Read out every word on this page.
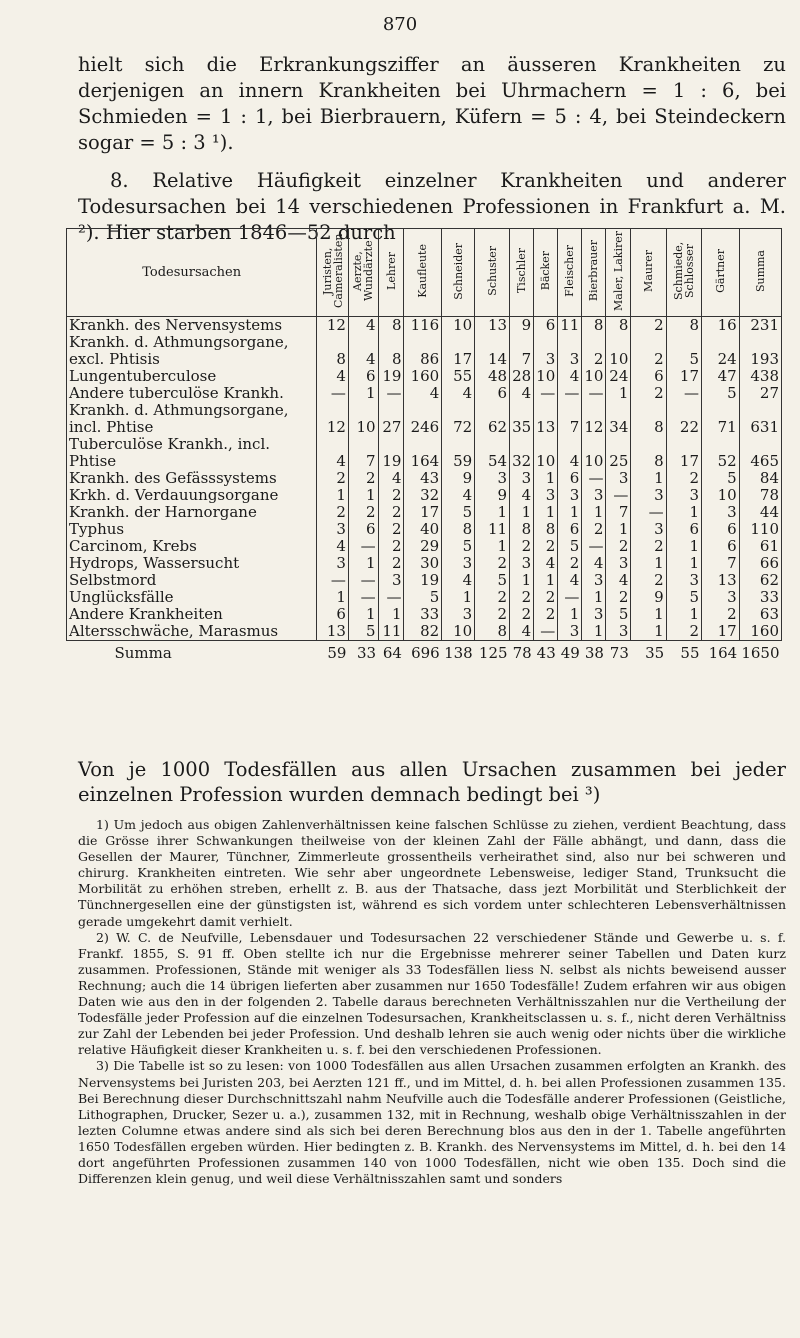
870

hielt sich die Erkrankungsziffer an äusseren Krankheiten zu derjenigen an innern Krankheiten bei Uhrmachern = 1 : 6, bei Schmieden = 1 : 1, bei Bierbrauern, Küfern = 5 : 4, bei Steindeckern sogar = 5 : 3 ¹).

8. Relative Häufigkeit einzelner Krankheiten und anderer Todesursachen bei 14 verschiedenen Professionen in Frankfurt a. M. ²). Hier starben 1846—52 durch

Todesursachen	Juristen, Cameralisten	Aerzte, Wundärzte	Lehrer	Kaufleute	Schneider	Schuster	Tischler	Bäcker	Fleischer	Bierbrauer	Maler, Lakirer	Maurer	Schmiede, Schlosser	Gärtner	Summa
Krankh. des Nervensystems	12	4	8	116	10	13	9	6	11	8	8	2	8	16	231
Krankh. d. Athmungsorgane, excl. Phtisis	8	4	8	86	17	14	7	3	3	2	10	2	5	24	193
Lungentuberculose	4	6	19	160	55	48	28	10	4	10	24	6	17	47	438
Andere tuberculöse Krankh.	—	1	—	4	4	6	4	—	—	—	1	2	—	5	27
Krankh. d. Athmungsorgane, incl. Phtise	12	10	27	246	72	62	35	13	7	12	34	8	22	71	631
Tuberculöse Krankh., incl. Phtise	4	7	19	164	59	54	32	10	4	10	25	8	17	52	465
Krankh. des Gefässsystems	2	2	4	43	9	3	3	1	6	—	3	1	2	5	84
Krkh. d. Verdauungsorgane	1	1	2	32	4	9	4	3	3	3	—	3	3	10	78
Krankh. der Harnorgane	2	2	2	17	5	1	1	1	1	1	7	—	1	3	44
Typhus	3	6	2	40	8	11	8	8	6	2	1	3	6	6	110
Carcinom, Krebs	4	—	2	29	5	1	2	2	5	—	2	2	1	6	61
Hydrops, Wassersucht	3	1	2	30	3	2	3	4	2	4	3	1	1	7	66
Selbstmord	—	—	3	19	4	5	1	1	4	3	4	2	3	13	62
Unglücksfälle	1	—	—	5	1	2	2	2	—	1	2	9	5	3	33
Andere Krankheiten	6	1	1	33	3	2	2	2	1	3	5	1	1	2	63
Altersschwäche, Marasmus	13	5	11	82	10	8	4	—	3	1	3	1	2	17	160
Summa	59	33	64	696	138	125	78	43	49	38	73	35	55	164	1650
Von je 1000 Todesfällen aus allen Ursachen zusammen bei jeder einzelnen Profession wurden demnach bedingt bei ³)

1) Um jedoch aus obigen Zahlenverhältnissen keine falschen Schlüsse zu ziehen, verdient Beachtung, dass die Grösse ihrer Schwankungen theilweise von der kleinen Zahl der Fälle abhängt, und dann, dass die Gesellen der Maurer, Tünchner, Zimmerleute grossentheils verheirathet sind, also nur bei schweren und chirurg. Krankheiten eintreten. Wie sehr aber ungeordnete Lebensweise, lediger Stand, Trunksucht die Morbilität zu erhöhen streben, erhellt z. B. aus der Thatsache, dass jezt Morbilität und Sterblichkeit der Tünchnergesellen eine der günstigsten ist, während es sich vordem unter schlechteren Lebensverhältnissen gerade umgekehrt damit verhielt.

2) W. C. de Neufville, Lebensdauer und Todesursachen 22 verschiedener Stände und Gewerbe u. s. f. Frankf. 1855, S. 91 ff. Oben stellte ich nur die Ergebnisse mehrerer seiner Tabellen und Daten kurz zusammen. Professionen, Stände mit weniger als 33 Todesfällen liess N. selbst als nichts beweisend ausser Rechnung; auch die 14 übrigen lieferten aber zusammen nur 1650 Todesfälle! Zudem erfahren wir aus obigen Daten wie aus den in der folgenden 2. Tabelle daraus berechneten Verhältnisszahlen nur die Vertheilung der Todesfälle jeder Profession auf die einzelnen Todesursachen, Krankheitsclassen u. s. f., nicht deren Verhältniss zur Zahl der Lebenden bei jeder Profession. Und deshalb lehren sie auch wenig oder nichts über die wirkliche relative Häufigkeit dieser Krankheiten u. s. f. bei den verschiedenen Professionen.

3) Die Tabelle ist so zu lesen: von 1000 Todesfällen aus allen Ursachen zusammen erfolgten an Krankh. des Nervensystems bei Juristen 203, bei Aerzten 121 ff., und im Mittel, d. h. bei allen Professionen zusammen 135. Bei Berechnung dieser Durchschnittszahl nahm Neufville auch die Todesfälle anderer Professionen (Geistliche, Lithographen, Drucker, Sezer u. a.), zusammen 132, mit in Rechnung, weshalb obige Verhältnisszahlen in der lezten Columne etwas andere sind als sich bei deren Berechnung blos aus den in der 1. Tabelle angeführten 1650 Todesfällen ergeben würden. Hier bedingten z. B. Krankh. des Nervensystems im Mittel, d. h. bei den 14 dort angeführten Professionen zusammen 140 von 1000 Todesfällen, nicht wie oben 135. Doch sind die Differenzen klein genug, und weil diese Verhältnisszahlen samt und sonders
